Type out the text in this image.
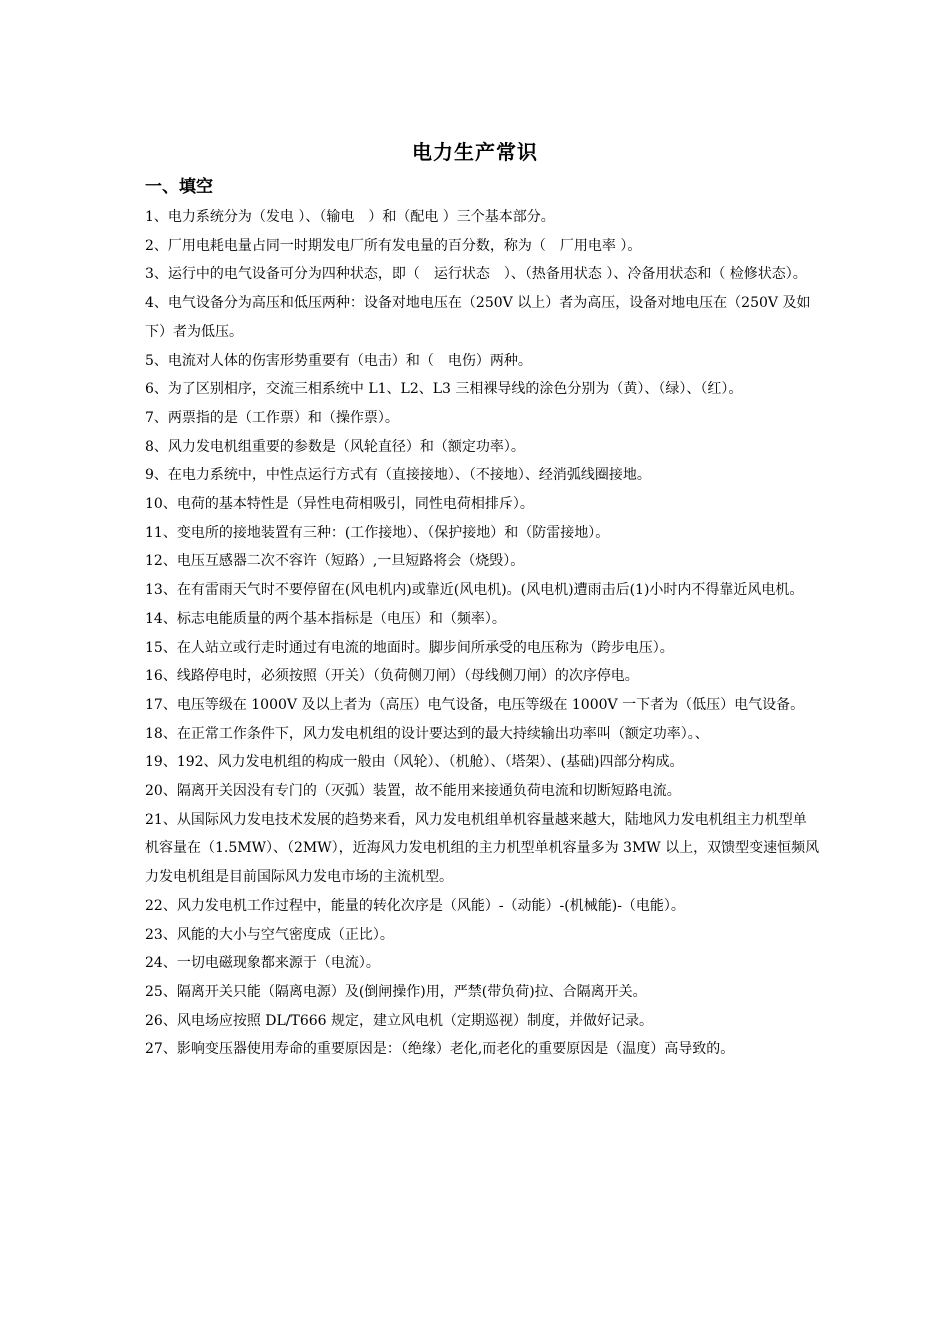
电力生产常识
一、填空
1、电力系统分为（发电 ）、（输电　）和（配电 ）三个基本部分。
2、厂用电耗电量占同一时期发电厂所有发电量的百分数，称为（　厂用电率 ）。
3、运行中的电气设备可分为四种状态，即（　运行状态　）、（热备用状态 ）、冷备用状态和（ 检修状态）。
4、电气设备分为高压和低压两种：设备对地电压在（250V 以上）者为高压，设备对地电压在（250V 及如下）者为低压。
5、电流对人体的伤害形势重要有（电击）和（　电伤）两种。
6、为了区别相序，交流三相系统中 L1、L2、L3 三相裸导线的涂色分别为（黄）、（绿）、（红）。
7、两票指的是（工作票）和（操作票）。
8、风力发电机组重要的参数是（风轮直径）和（额定功率）。
9、在电力系统中，中性点运行方式有（直接接地）、（不接地）、经消弧线圈接地。
10、电荷的基本特性是（异性电荷相吸引，同性电荷相排斥）。
11、变电所的接地装置有三种：(工作接地）、（保护接地）和（防雷接地）。
12、电压互感器二次不容许（短路）,一旦短路将会（烧毁）。
13、在有雷雨天气时不要停留在(风电机内)或靠近(风电机)。(风电机)遭雨击后(1)小时内不得靠近风电机。
14、标志电能质量的两个基本指标是（电压）和（频率）。
15、在人站立或行走时通过有电流的地面时。脚步间所承受的电压称为（跨步电压）。
16、线路停电时，必须按照（开关）（负荷侧刀闸）（母线侧刀闸）的次序停电。
17、电压等级在 1000V 及以上者为（高压）电气设备，电压等级在 1000V 一下者为（低压）电气设备。
18、在正常工作条件下，风力发电机组的设计要达到的最大持续输出功率叫（额定功率）。、
19、192、风力发电机组的构成一般由（风轮）、（机舱）、（塔架）、(基础)四部分构成。
20、隔离开关因没有专门的（灭弧）装置，故不能用来接通负荷电流和切断短路电流。
21、从国际风力发电技术发展的趋势来看，风力发电机组单机容量越来越大，陆地风力发电机组主力机型单机容量在（1.5MW）、（2MW），近海风力发电机组的主力机型单机容量多为 3MW 以上，双馈型变速恒频风力发电机组是目前国际风力发电市场的主流机型。
22、风力发电机工作过程中，能量的转化次序是（风能）-（动能）-(机械能)-（电能）。
23、风能的大小与空气密度成（正比）。
24、一切电磁现象都来源于（电流）。
25、隔离开关只能（隔离电源）及(倒闸操作)用，严禁(带负荷)拉、合隔离开关。
26、风电场应按照 DL/T666 规定，建立风电机（定期巡视）制度，并做好记录。
27、影响变压器使用寿命的重要原因是：（绝缘）老化,而老化的重要原因是（温度）高导致的。
